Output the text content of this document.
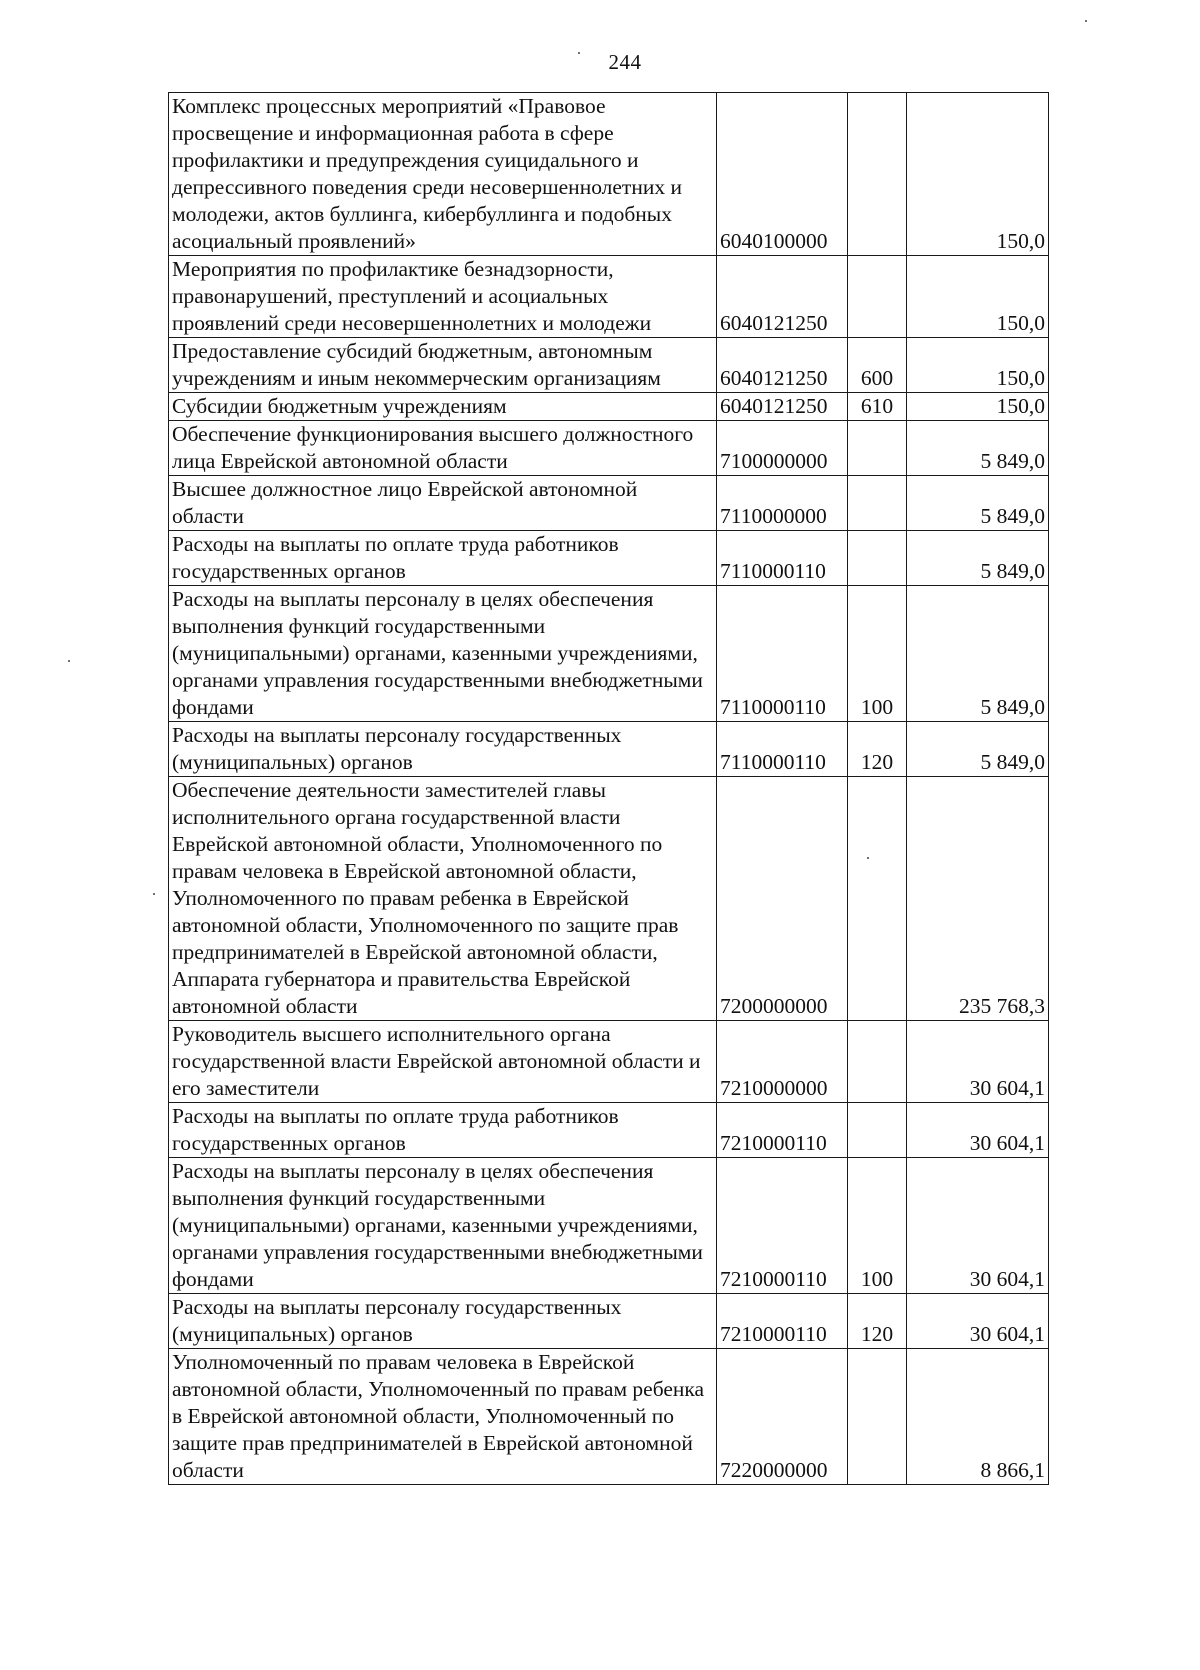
244
Комплекс процессных мероприятий «Правовое просвещение и информационная работа в сфере профилактики и предупреждения суицидального и депрессивного поведения среди несовершеннолетних и молодежи, актов буллинга, кибербуллинга и подобных асоциальный проявлений»	6040100000		150,0
Мероприятия по профилактике безнадзорности, правонарушений, преступлений и асоциальных проявлений среди несовершеннолетних и молодежи	6040121250		150,0
Предоставление субсидий бюджетным, автономным учреждениям и иным некоммерческим организациям	6040121250	600	150,0
Субсидии бюджетным учреждениям	6040121250	610	150,0
Обеспечение функционирования высшего должностного лица Еврейской автономной области	7100000000		5 849,0
Высшее должностное лицо Еврейской автономной области	7110000000		5 849,0
Расходы на выплаты по оплате труда работников государственных органов	7110000110		5 849,0
Расходы на выплаты персоналу в целях обеспечения выполнения функций государственными (муниципальными) органами, казенными учреждениями, органами управления государственными внебюджетными фондами	7110000110	100	5 849,0
Расходы на выплаты персоналу государственных (муниципальных) органов	7110000110	120	5 849,0
Обеспечение деятельности заместителей главы исполнительного органа государственной власти Еврейской автономной области, Уполномоченного по правам человека в Еврейской автономной области, Уполномоченного по правам ребенка в Еврейской автономной области, Уполномоченного по защите прав предпринимателей в Еврейской автономной области, Аппарата губернатора и правительства Еврейской автономной области	7200000000		235 768,3
Руководитель высшего исполнительного органа государственной власти Еврейской автономной области и его заместители	7210000000		30 604,1
Расходы на выплаты по оплате труда работников государственных органов	7210000110		30 604,1
Расходы на выплаты персоналу в целях обеспечения выполнения функций государственными (муниципальными) органами, казенными учреждениями, органами управления государственными внебюджетными фондами	7210000110	100	30 604,1
Расходы на выплаты персоналу государственных (муниципальных) органов	7210000110	120	30 604,1
Уполномоченный по правам человека в Еврейской автономной области, Уполномоченный по правам ребенка в Еврейской автономной области, Уполномоченный по защите прав предпринимателей в Еврейской автономной области	7220000000		8 866,1
